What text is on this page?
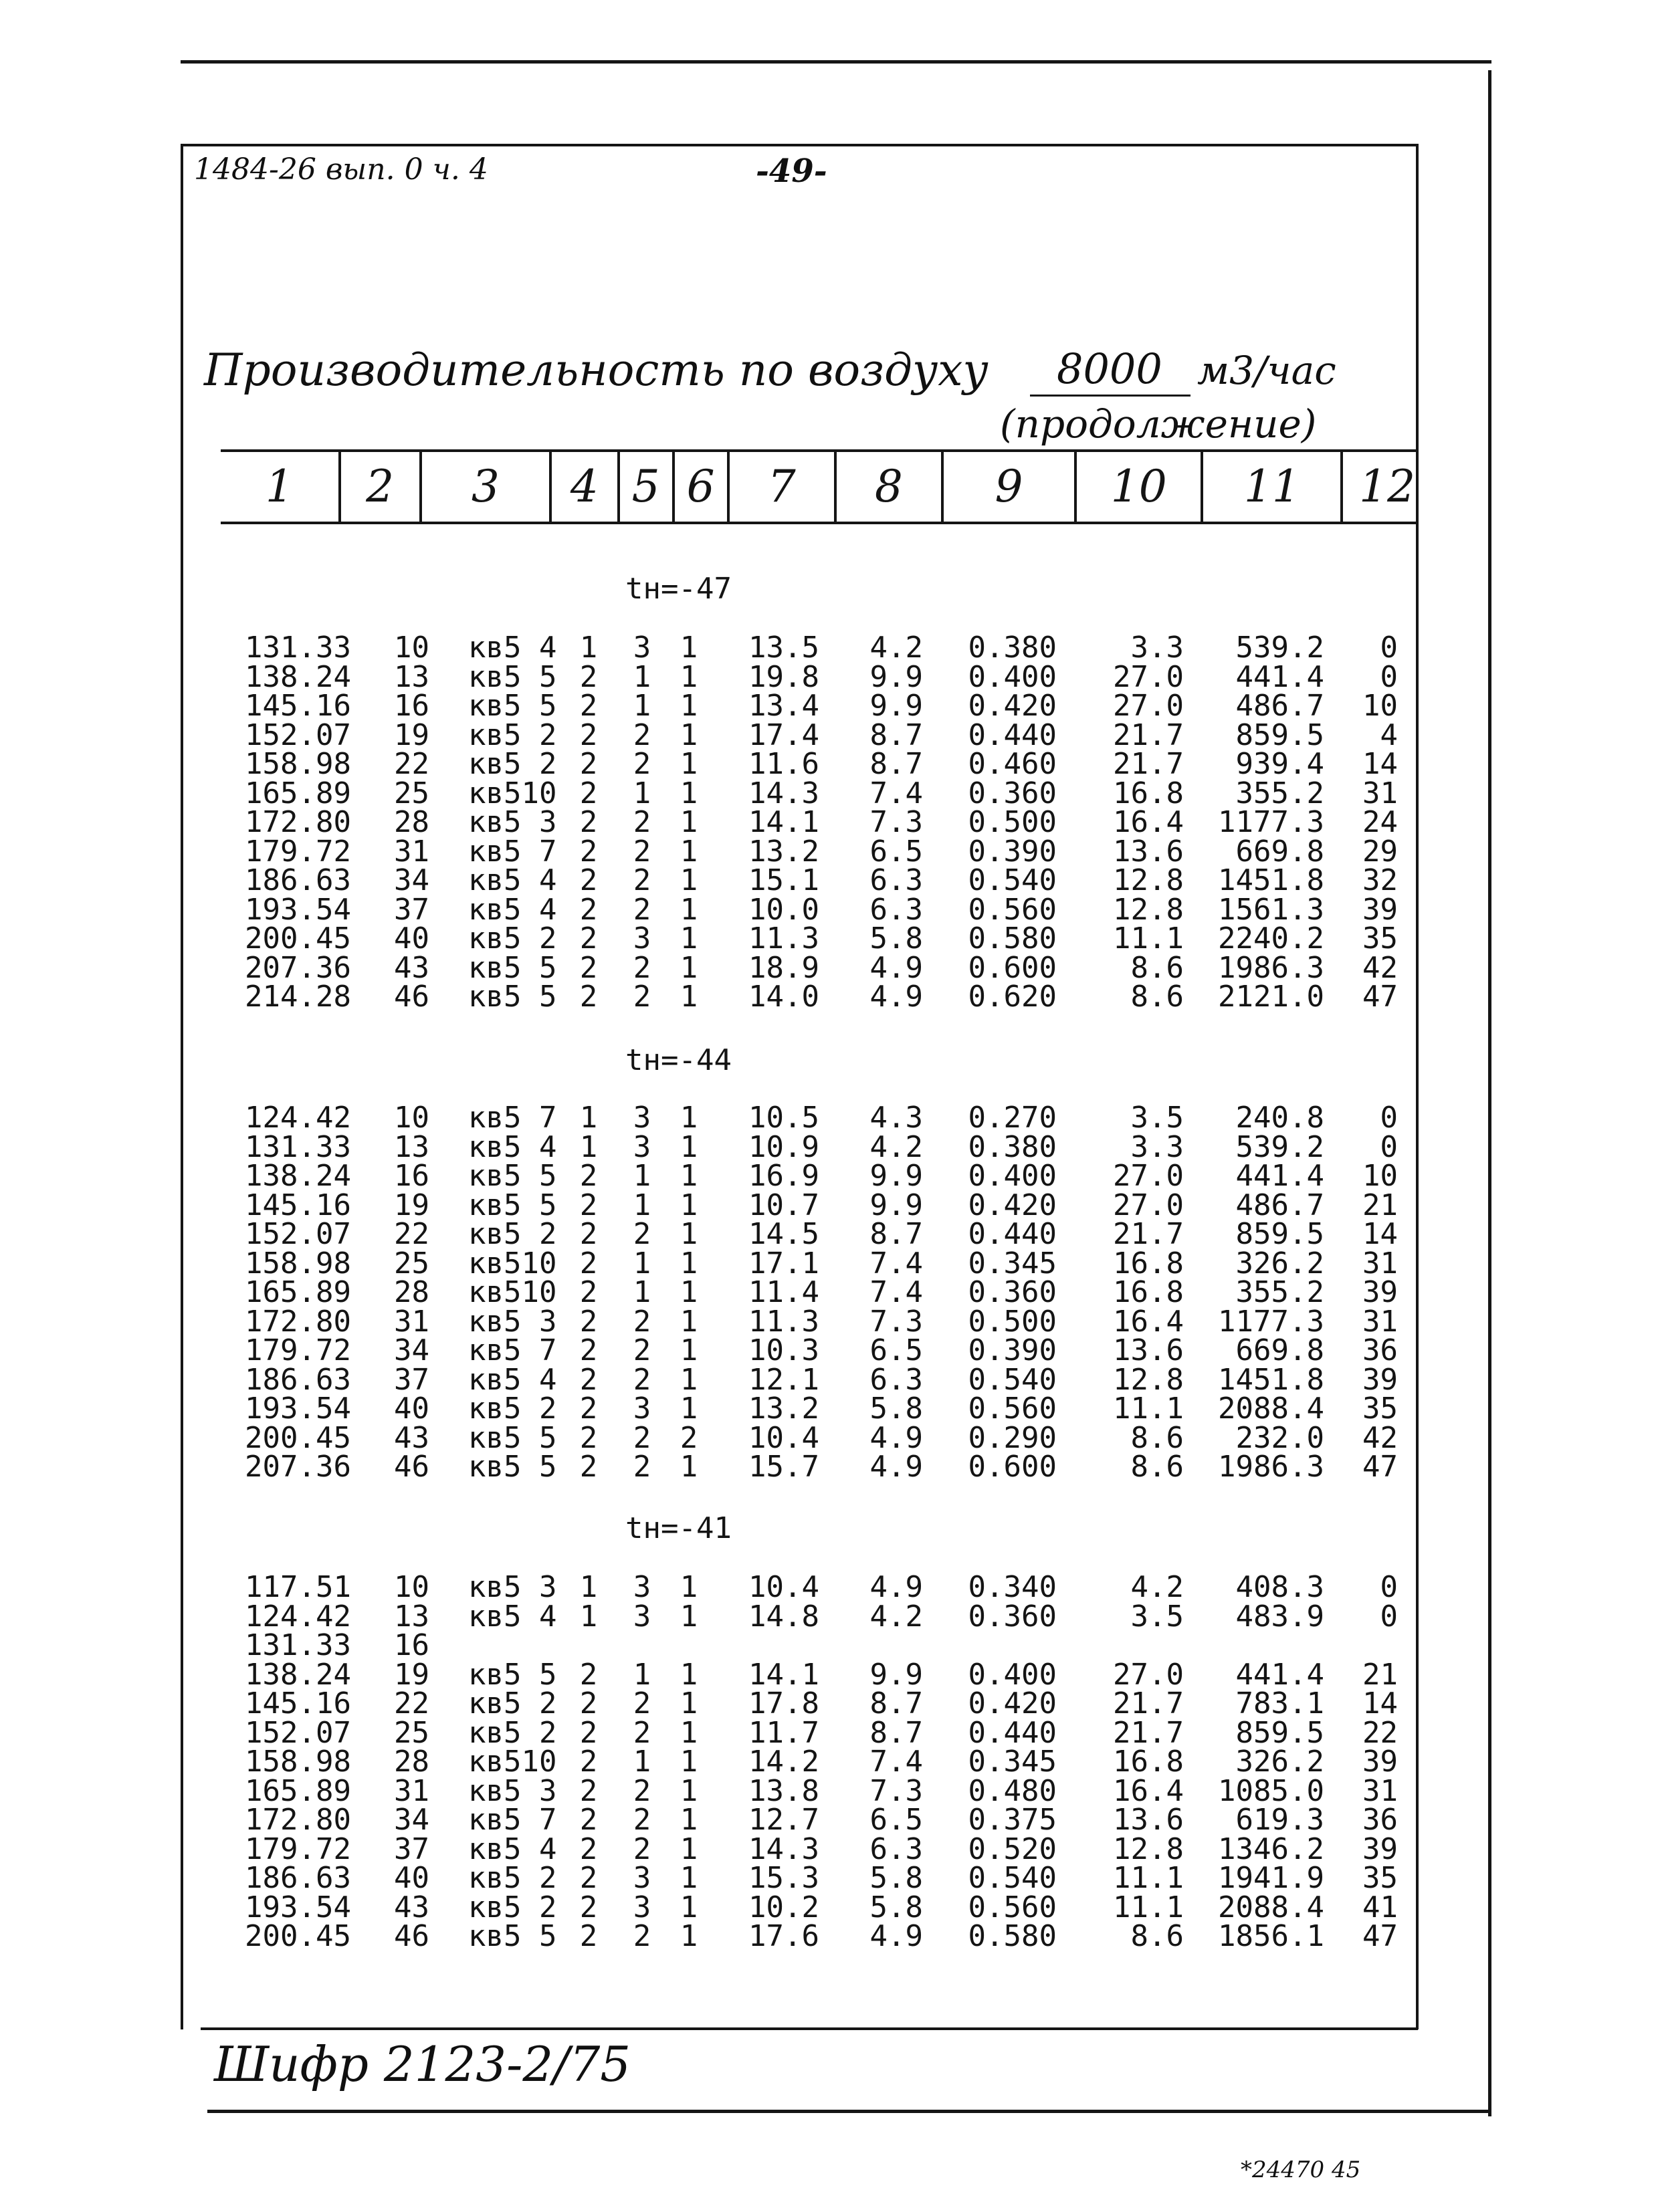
1484-26 вып. 0 ч. 4	-49-
Производительность по воздуху 8000 м3/час
(продолжение)
1	2	3	4 5 6	7	8	9	10	11	12
tн=-47
131.33	10 кв5 4 1 3 1	13.5	4.2	0.380	3.3	539.2	0
138.24	13 кв5 5 2 1 1	19.8	9.9	0.400	27.0	441.4	0
145.16	16 кв5 5 2 1 1	13.4	9.9	0.420	27.0	486.7	10
152.07	19 кв5 2 2 2 1	17.4	8.7	0.440	21.7	859.5	4
158.98	22 кв5 2 2 2 1	11.6	8.7	0.460	21.7	939.4	14
165.89	25 кв510 2 1 1	14.3	7.4	0.360	16.8	355.2	31
172.80	28 кв5 3 2 2 1	14.1	7.3	0.500	16.4	1177.3	24
179.72	31 кв5 7 2 2 1	13.2	6.5	0.390	13.6	669.8	29
186.63	34 кв5 4 2 2 1	15.1	6.3	0.540	12.8	1451.8	32
193.54	37 кв5 4 2 2 1	10.0	6.3	0.560	12.8	1561.3	39
200.45	40 кв5 2 2 3 1	11.3	5.8	0.580	11.1	2240.2	35
207.36	43 кв5 5 2 2 1	18.9	4.9	0.600	8.6	1986.3	42
214.28	46 кв5 5 2 2 1	14.0	4.9	0.620	8.6	2121.0	47
tн=-44
124.42	10 кв5 7 1 3 1	10.5	4.3	0.270	3.5	240.8	0
131.33	13 кв5 4 1 3 1	10.9	4.2	0.380	3.3	539.2	0
138.24	16 кв5 5 2 1 1	16.9	9.9	0.400	27.0	441.4	10
145.16	19 кв5 5 2 1 1	10.7	9.9	0.420	27.0	486.7	21
152.07	22 кв5 2 2 2 1	14.5	8.7	0.440	21.7	859.5	14
158.98	25 кв510 2 1 1	17.1	7.4	0.345	16.8	326.2	31
165.89	28 кв510 2 1 1	11.4	7.4	0.360	16.8	355.2	39
172.80	31 кв5 3 2 2 1	11.3	7.3	0.500	16.4	1177.3	31
179.72	34 кв5 7 2 2 1	10.3	6.5	0.390	13.6	669.8	36
186.63	37 кв5 4 2 2 1	12.1	6.3	0.540	12.8	1451.8	39
193.54	40 кв5 2 2 3 1	13.2	5.8	0.560	11.1	2088.4	35
200.45	43 кв5 5 2 2 2	10.4	4.9	0.290	8.6	232.0	42
207.36	46 кв5 5 2 2 1	15.7	4.9	0.600	8.6	1986.3	47
tн=-41
117.51	10 кв5 3 1 3 1	10.4	4.9	0.340	4.2	408.3	0
124.42	13 кв5 4 1 3 1	14.8	4.2	0.360	3.5	483.9	0
131.33	16
138.24	19 кв5 5 2 1 1	14.1	9.9	0.400	27.0	441.4	21
145.16	22 кв5 2 2 2 1	17.8	8.7	0.420	21.7	783.1	14
152.07	25 кв5 2 2 2 1	11.7	8.7	0.440	21.7	859.5	22
158.98	28 кв510 2 1 1	14.2	7.4	0.345	16.8	326.2	39
165.89	31 кв5 3 2 2 1	13.8	7.3	0.480	16.4	1085.0	31
172.80	34 кв5 7 2 2 1	12.7	6.5	0.375	13.6	619.3	36
179.72	37 кв5 4 2 2 1	14.3	6.3	0.520	12.8	1346.2	39
186.63	40 кв5 2 2 3 1	15.3	5.8	0.540	11.1	1941.9	35
193.54	43 кв5 2 2 3 1	10.2	5.8	0.560	11.1	2088.4	41
200.45	46 кв5 5 2 2 1	17.6	4.9	0.580	8.6	1856.1	47
Шифр 2123-2/75
*24470 45
